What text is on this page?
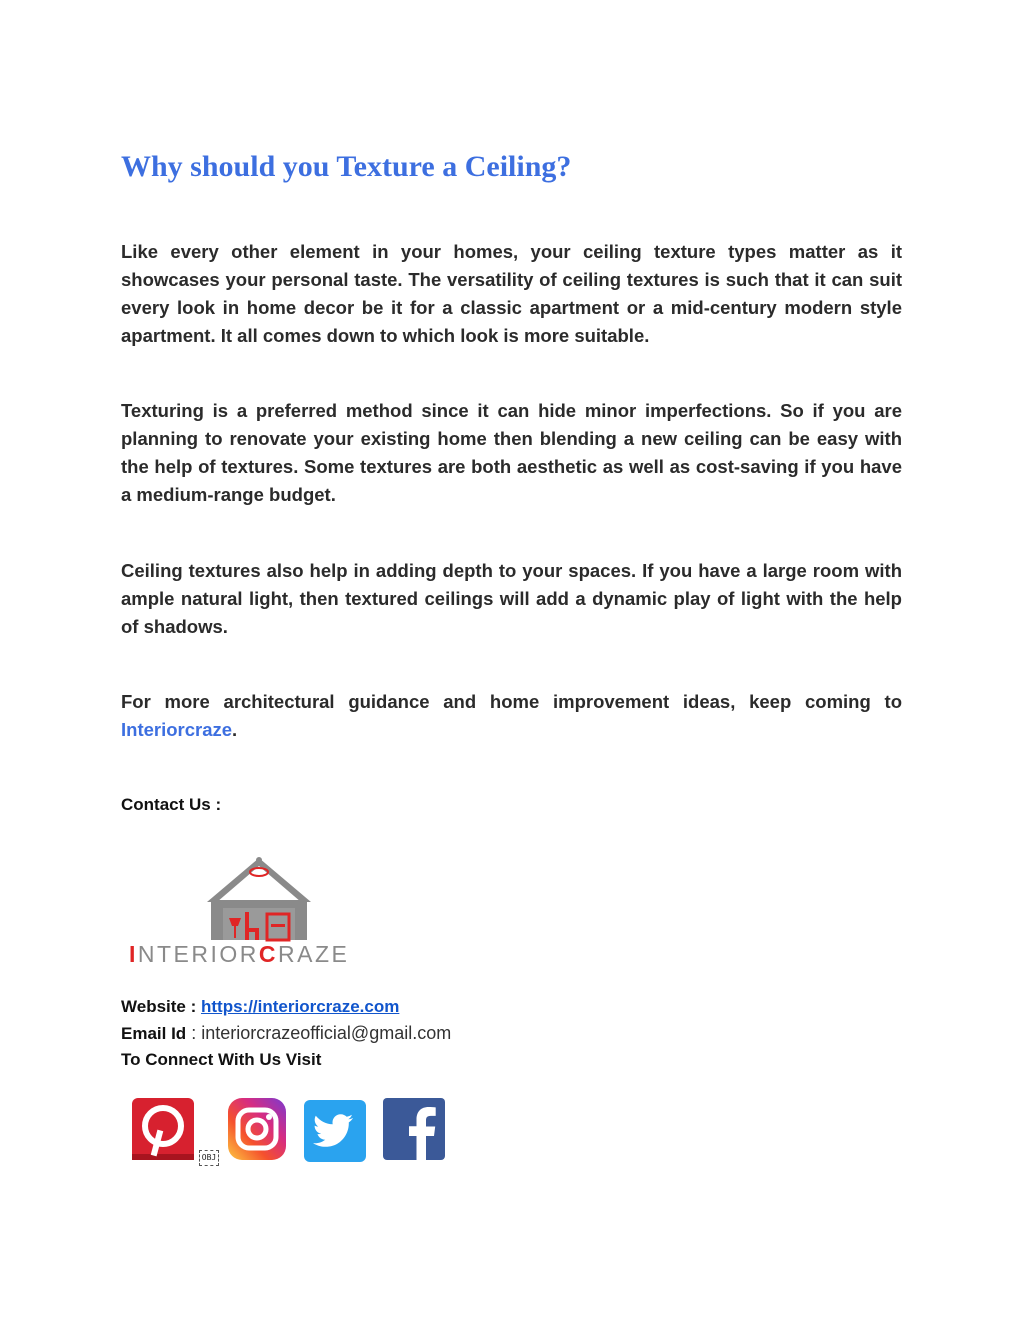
Why should you Texture a Ceiling?

Like every other element in your homes, your ceiling texture types matter as it showcases your personal taste. The versatility of ceiling textures is such that it can suit every look in home decor be it for a classic apartment or a mid-century modern style apartment. It all comes down to which look is more suitable.

Texturing is a preferred method since it can hide minor imperfections. So if you are planning to renovate your existing home then blending a new ceiling can be easy with the help of textures. Some textures are both aesthetic as well as cost-saving if you have a medium-range budget.

Ceiling textures also help in adding depth to your spaces. If you have a large room with ample natural light, then textured ceilings will add a dynamic play of light with the help of shadows.

For more architectural guidance and home improvement ideas, keep coming to Interiorcraze.

Contact Us :

INTERIORCRAZE

Website : https://interiorcraze.com

Email Id : interiorcrazeofficial@gmail.com

To Connect With Us Visit

OBJ
